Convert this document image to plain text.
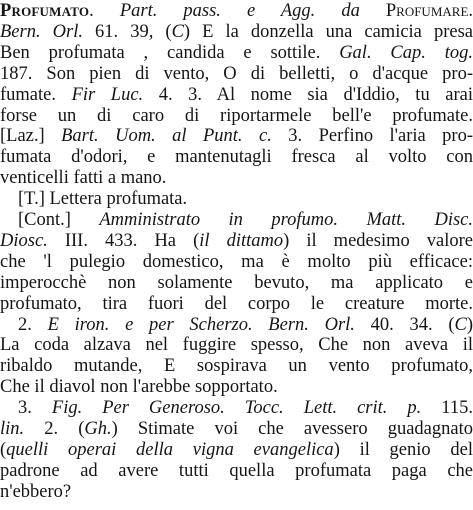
Profumato. Part. pass. e Agg. da Profumare.
Bern. Orl. 61. 39, (C) E la donzella una camicia presa
Ben profumata , candida e sottile. Gal. Cap. tog.
187. Son pien di vento, O di belletti, o d'acque pro-
fumate. Fir Luc. 4. 3. Al nome sia d'Iddio, tu arai
forse un di caro di riportarmele bell'e profumate.
[Laz.] Bart. Uom. al Punt. c. 3. Perfino l'aria pro-
fumata d'odori, e mantenutagli fresca al volto con
venticelli fatti a mano.
[T.] Lettera profumata.
[Cont.] Amministrato in profumo. Matt. Disc.
Diosc. III. 433. Ha (il dittamo) il medesimo valore
che 'l pulegio domestico, ma è molto più efficace:
imperocchè non solamente bevuto, ma applicato e
profumato, tira fuori del corpo le creature morte.
2. E iron. e per Scherzo. Bern. Orl. 40. 34. (C)
La coda alzava nel fuggire spesso, Che non aveva il
ribaldo mutande, E sospirava un vento profumato,
Che il diavol non l'arebbe sopportato.
3. Fig. Per Generoso. Tocc. Lett. crit. p. 115.
lin. 2. (Gh.) Stimate voi che avessero guadagnato
(quelli operai della vigna evangelica) il genio del
padrone ad avere tutti quella profumata paga che
n'ebbero?
